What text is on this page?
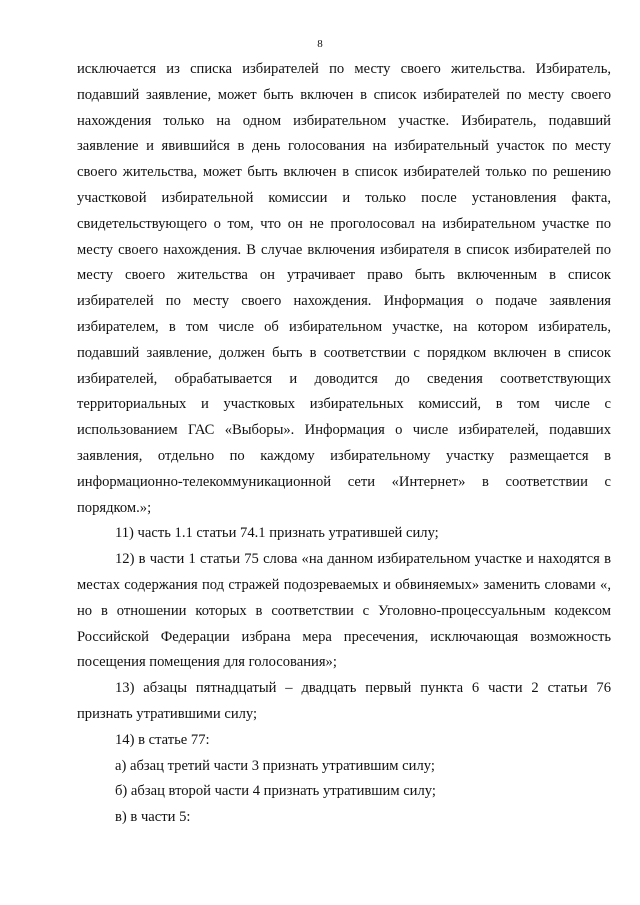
8

исключается из списка избирателей по месту своего жительства. Избиратель, подавший заявление, может быть включен в список избирателей по месту своего нахождения только на одном избирательном участке. Избиратель, подавший заявление и явившийся в день голосования на избирательный участок по месту своего жительства, может быть включен в список избирателей только по решению участковой избирательной комиссии и только после установления факта, свидетельствующего о том, что он не проголосовал на избирательном участке по месту своего нахождения. В случае включения избирателя в список избирателей по месту своего жительства он утрачивает право быть включенным в список избирателей по месту своего нахождения. Информация о подаче заявления избирателем, в том числе об избирательном участке, на котором избиратель, подавший заявление, должен быть в соответствии с порядком включен в список избирателей, обрабатывается и доводится до сведения соответствующих территориальных и участковых избирательных комиссий, в том числе с использованием ГАС «Выборы». Информация о числе избирателей, подавших заявления, отдельно по каждому избирательному участку размещается в информационно-телекоммуникационной сети «Интернет» в соответствии с порядком.»;

11) часть 1.1 статьи 74.1 признать утратившей силу;

12) в части 1 статьи 75 слова «на данном избирательном участке и находятся в местах содержания под стражей подозреваемых и обвиняемых» заменить словами «, но в отношении которых в соответствии с Уголовно-процессуальным кодексом Российской Федерации избрана мера пресечения, исключающая возможность посещения помещения для голосования»;

13) абзацы пятнадцатый – двадцать первый пункта 6 части 2 статьи 76 признать утратившими силу;

14) в статье 77:

а) абзац третий части 3 признать утратившим силу;

б) абзац второй части 4 признать утратившим силу;

в) в части 5:
